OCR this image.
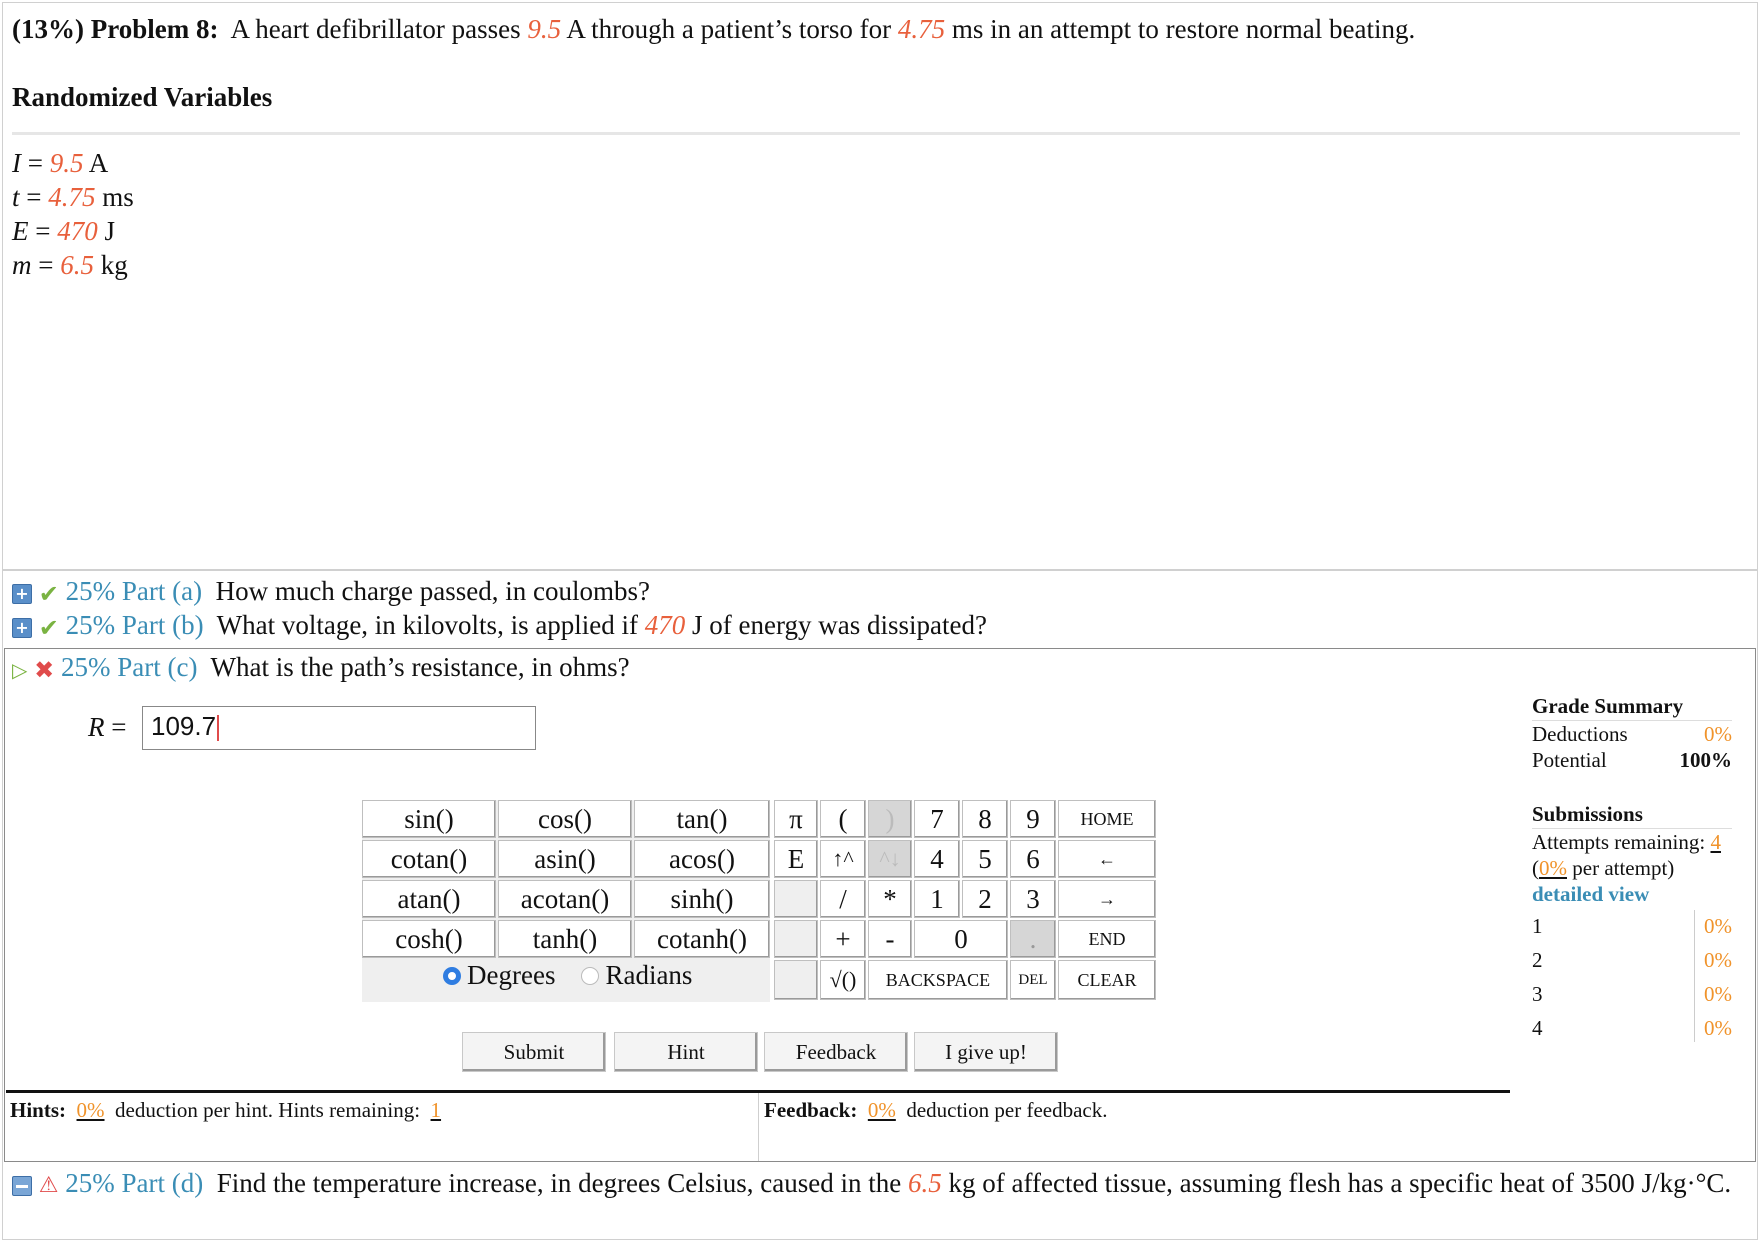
(13%) Problem 8: A heart defibrillator passes 9.5 A through a patient’s torso for 4.75 ms in an attempt to restore normal beating.
Randomized Variables
I = 9.5 A
t = 4.75 ms
E = 470 J
m = 6.5 kg
+ ✔ 25% Part (a) How much charge passed, in coulombs?
+ ✔ 25% Part (b) What voltage, in kilovolts, is applied if 470 J of energy was dissipated?
▷ ✖ 25% Part (c) What is the path’s resistance, in ohms?
R = 109.7
sin()	cos()	tan()
cotan()	asin()	acos()
atan()	acotan()	sinh()
cosh()	tanh()	cotanh()
Degrees Radians
π
E
(
↑^
/
+
√()
)
^↓
*
-
7	8	9
4	5	6
1	2	3
0	.
BACKSPACE	DEL
HOME
←
→
END
CLEAR
Submit	Hint	Feedback	I give up!
Hints: 0% deduction per hint. Hints remaining: 1	Feedback: 0% deduction per feedback.
Grade Summary
Deductions	0%
Potential	100%
Submissions
Attempts remaining: 4
(0% per attempt)
detailed view
1	0%
2	0%
3	0%
4	0%
⚠ 25% Part (d) Find the temperature increase, in degrees Celsius, caused in the 6.5 kg of affected tissue, assuming flesh has a specific heat of 3500 J/kg·°C.
